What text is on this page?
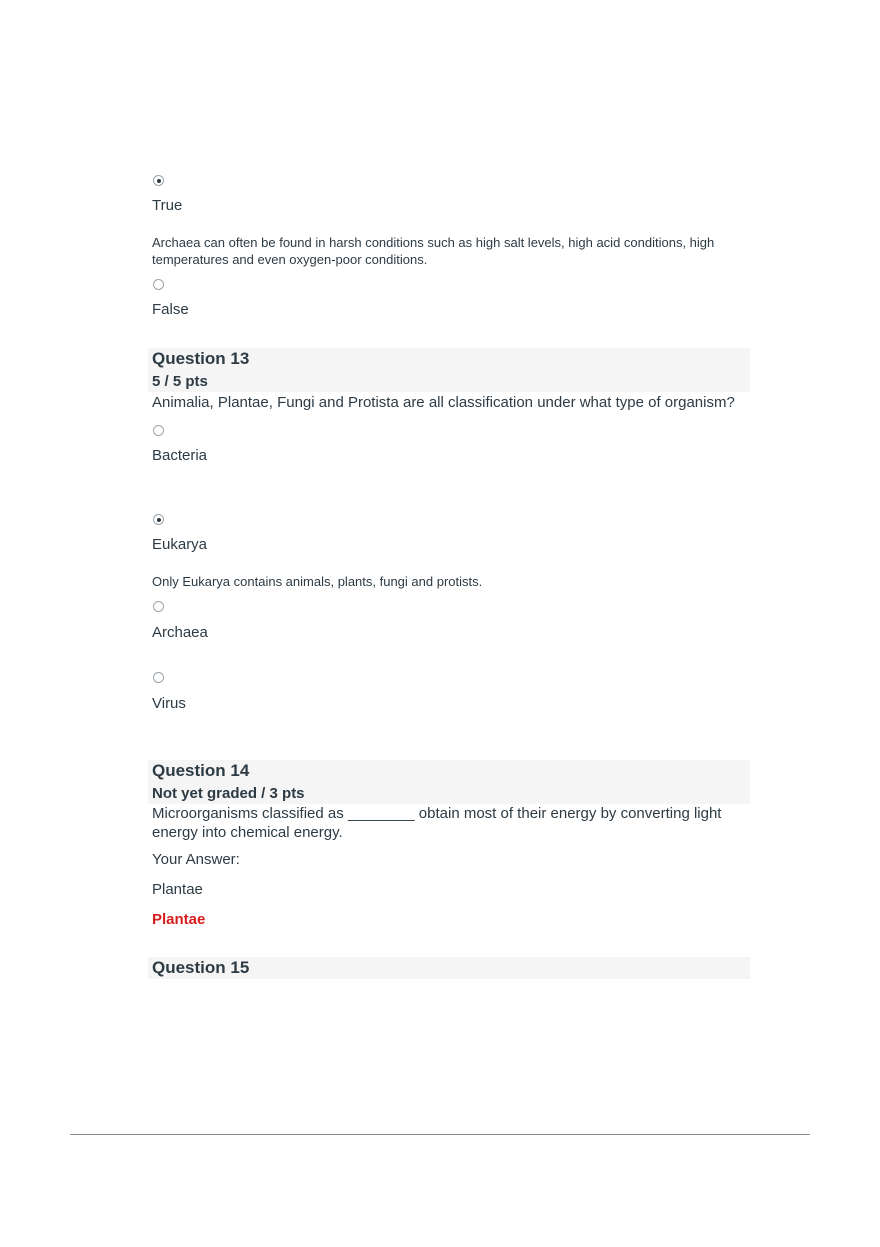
True
Archaea can often be found in harsh conditions such as high salt levels, high acid conditions, high temperatures and even oxygen-poor conditions.
False
Question 13
5 / 5 pts
Animalia, Plantae, Fungi and Protista are all classification under what type of organism?
Bacteria
Eukarya
Only Eukarya contains animals, plants, fungi and protists.
Archaea
Virus
Question 14
Not yet graded / 3 pts
Microorganisms classified as ________ obtain most of their energy by converting light energy into chemical energy.
Your Answer:
Plantae
Plantae
Question 15
